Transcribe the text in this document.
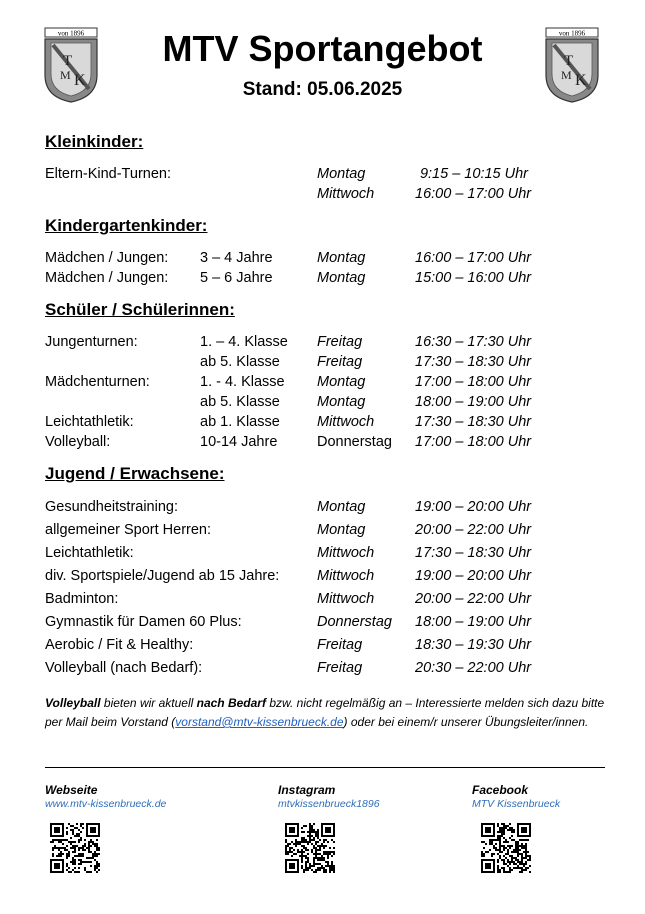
von 1896
T
M K
von 1896
T
M K
MTV Sportangebot
Stand: 05.06.2025
Kleinkinder:
Eltern-Kind-Turnen:	Montag	9:15 – 10:15 Uhr
Mittwoch	16:00 – 17:00 Uhr
Kindergartenkinder:
Mädchen / Jungen:	3 – 4 Jahre	Montag	16:00 – 17:00 Uhr
Mädchen / Jungen:	5 – 6 Jahre	Montag	15:00 – 16:00 Uhr
Schüler / Schülerinnen:
Jungenturnen:	1. – 4. Klasse	Freitag	16:30 – 17:30 Uhr
ab 5. Klasse	Freitag	17:30 – 18:30 Uhr
Mädchenturnen:	1. - 4. Klasse	Montag	17:00 – 18:00 Uhr
ab 5. Klasse	Montag	18:00 – 19:00 Uhr
Leichtathletik:	ab 1. Klasse	Mittwoch	17:30 – 18:30 Uhr
Volleyball:	10-14 Jahre	Donnerstag	17:00 – 18:00 Uhr
Jugend / Erwachsene:
Gesundheitstraining:	Montag	19:00 – 20:00 Uhr
allgemeiner Sport Herren:	Montag	20:00 – 22:00 Uhr
Leichtathletik:	Mittwoch	17:30 – 18:30 Uhr
div. Sportspiele/Jugend ab 15 Jahre:	Mittwoch	19:00 – 20:00 Uhr
Badminton:	Mittwoch	20:00 – 22:00 Uhr
Gymnastik für Damen 60 Plus:	Donnerstag	18:00 – 19:00 Uhr
Aerobic / Fit & Healthy:	Freitag	18:30 – 19:30 Uhr
Volleyball (nach Bedarf):	Freitag	20:30 – 22:00 Uhr
Volleyball bieten wir aktuell nach Bedarf bzw. nicht regelmäßig an – Interessierte melden sich dazu bitte per Mail beim Vorstand (vorstand@mtv-kissenbrueck.de) oder bei einem/r unserer Übungsleiter/innen.
Webseite
www.mtv-kissenbrueck.de
Instagram
mtvkissenbrueck1896
Facebook
MTV Kissenbrueck
